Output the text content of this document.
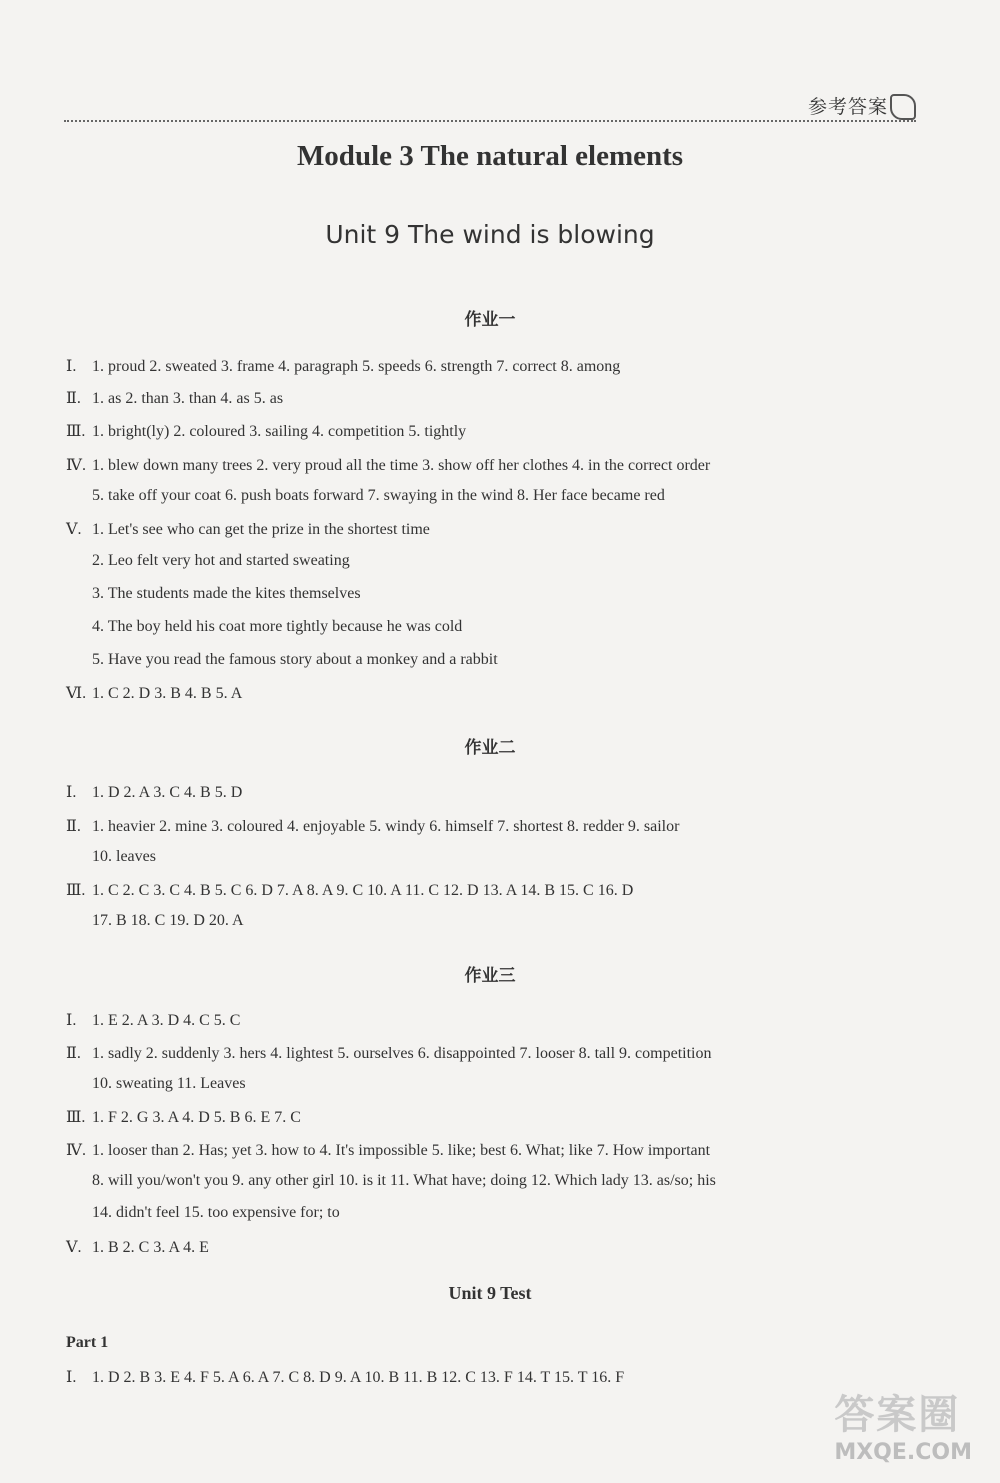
参考答案
Module 3 The natural elements
Unit 9 The wind is blowing
作业一
Ⅰ. 1. proud 2. sweated 3. frame 4. paragraph 5. speeds 6. strength 7. correct 8. among
Ⅱ. 1. as 2. than 3. than 4. as 5. as
Ⅲ. 1. bright(ly) 2. coloured 3. sailing 4. competition 5. tightly
Ⅳ. 1. blew down many trees 2. very proud all the time 3. show off her clothes 4. in the correct order
5. take off your coat 6. push boats forward 7. swaying in the wind 8. Her face became red
Ⅴ. 1. Let's see who can get the prize in the shortest time
2. Leo felt very hot and started sweating
3. The students made the kites themselves
4. The boy held his coat more tightly because he was cold
5. Have you read the famous story about a monkey and a rabbit
Ⅵ. 1. C 2. D 3. B 4. B 5. A
作业二
Ⅰ. 1. D 2. A 3. C 4. B 5. D
Ⅱ. 1. heavier 2. mine 3. coloured 4. enjoyable 5. windy 6. himself 7. shortest 8. redder 9. sailor
10. leaves
Ⅲ. 1. C 2. C 3. C 4. B 5. C 6. D 7. A 8. A 9. C 10. A 11. C 12. D 13. A 14. B 15. C 16. D
17. B 18. C 19. D 20. A
作业三
Ⅰ. 1. E 2. A 3. D 4. C 5. C
Ⅱ. 1. sadly 2. suddenly 3. hers 4. lightest 5. ourselves 6. disappointed 7. looser 8. tall 9. competition
10. sweating 11. Leaves
Ⅲ. 1. F 2. G 3. A 4. D 5. B 6. E 7. C
Ⅳ. 1. looser than 2. Has; yet 3. how to 4. It's impossible 5. like; best 6. What; like 7. How important
8. will you/won't you 9. any other girl 10. is it 11. What have; doing 12. Which lady 13. as/so; his
14. didn't feel 15. too expensive for; to
Ⅴ. 1. B 2. C 3. A 4. E
Unit 9 Test
Part 1
Ⅰ. 1. D 2. B 3. E 4. F 5. A 6. A 7. C 8. D 9. A 10. B 11. B 12. C 13. F 14. T 15. T 16. F
答案圈
MXQE.COM
